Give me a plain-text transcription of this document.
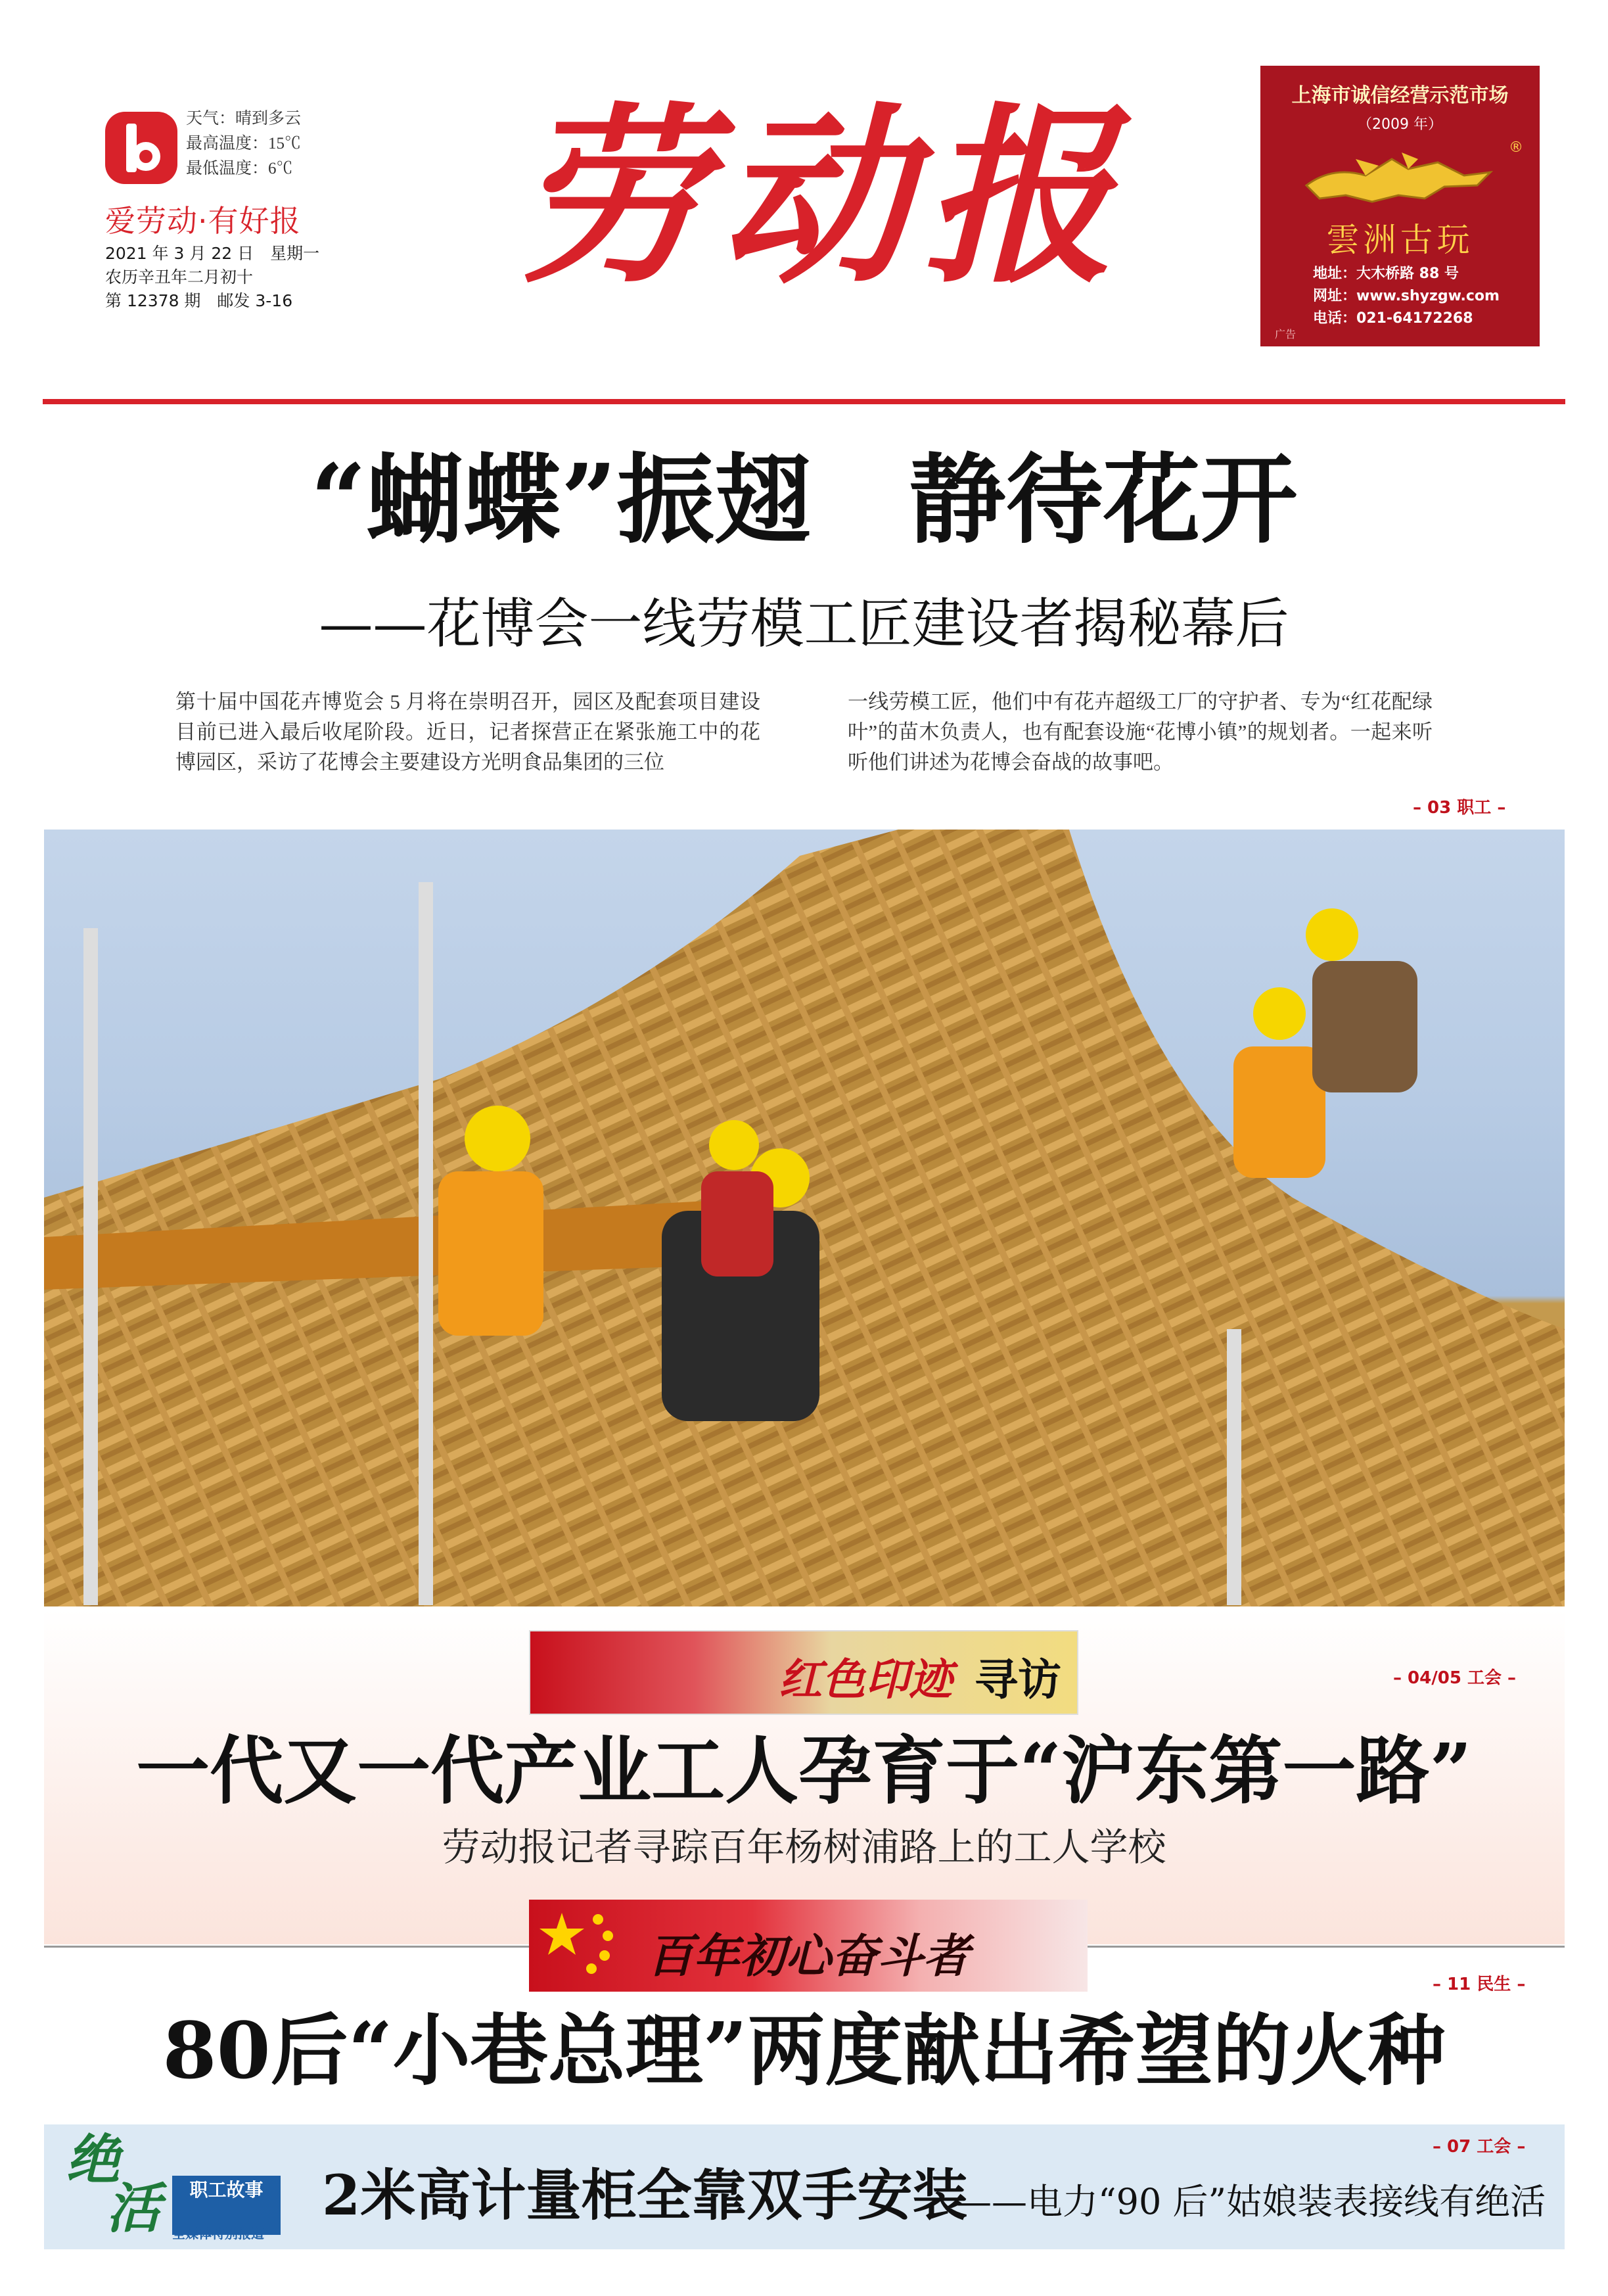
天气：晴到多云
最高温度：15℃
最低温度：6℃
爱劳动·有好报
2021 年 3 月 22 日　星期一
农历辛丑年二月初十
第 12378 期　邮发 3-16 劳动报	上海市诚信经营示范市场
（2009 年）
®
雲洲古玩
地址：大木桥路 88 号
网址：www.shyzgw.com
电话：021-64172268
广告
“蝴蝶”振翅　静待花开
——花博会一线劳模工匠建设者揭秘幕后
第十届中国花卉博览会 5 月将在崇明召开，园区及配套项目建设目前已进入最后收尾阶段。近日，记者探营正在紧张施工中的花博园区，采访了花博会主要建设方光明食品集团的三位
一线劳模工匠，他们中有花卉超级工厂的守护者、专为“红花配绿叶”的苗木负责人，也有配套设施“花博小镇”的规划者。一起来听听他们讲述为花博会奋战的故事吧。
– 03 职工 –
红色印迹 寻访	– 04/05 工会 –
一代又一代产业工人孕育于“沪东第一路”
劳动报记者寻踪百年杨树浦路上的工人学校
百年初心奋斗者
– 11 民生 –
80后“小巷总理”两度献出希望的火种
绝
活	职工故事
全媒体特别报道
– 07 工会 –
2米高计量柜全靠双手安装
——电力“90 后”姑娘装表接线有绝活
